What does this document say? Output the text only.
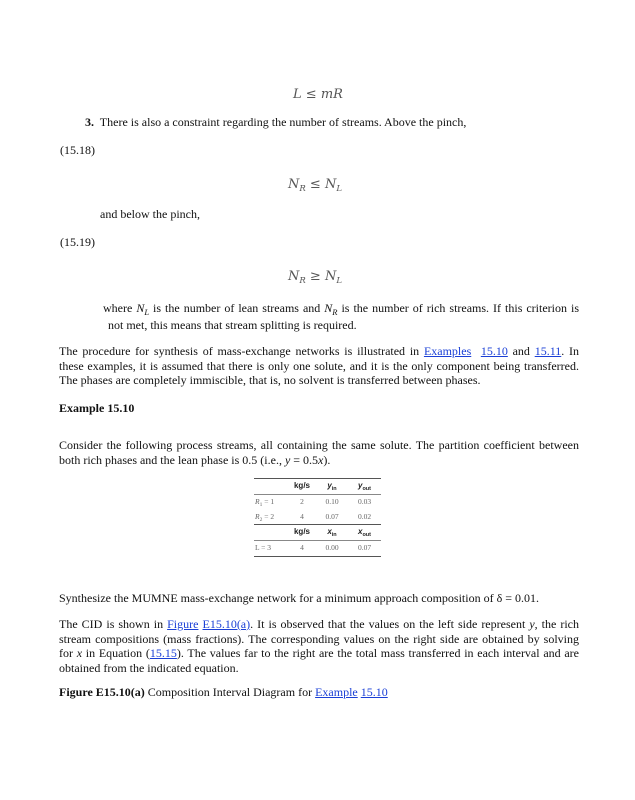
L ≤ mR
3. There is also a constraint regarding the number of streams. Above the pinch,
(15.18)
$N_R \le N_L$
and below the pinch,
(15.19)
$N_R \ge N_L$
where $N_L$ is the number of lean streams and $N_R$ is the number of rich streams. If this criterion is
not met, this means that stream splitting is required.
The procedure for synthesis of mass-exchange networks is illustrated in Examples 15.10 and 15.11. In these examples, it is assumed that there is only one solute, and it is the only component being transferred. The phases are completely immiscible, that is, no solvent is transferred between phases.
Example 15.10
Consider the following process streams, all containing the same solute. The partition coefficient between both rich phases and the lean phase is 0.5 (i.e., y = 0.5x).
	kg/s	$y_{in}$	$y_{out}$
$R_1 = 1$	2	0.10	0.03
$R_2 = 2$	4	0.07	0.02
	kg/s	$x_{in}$	$x_{out}$
L = 3	4	0.00	0.07
Synthesize the MUMNE mass-exchange network for a minimum approach composition of δ = 0.01.
The CID is shown in Figure E15.10(a). It is observed that the values on the left side represent y, the rich stream compositions (mass fractions). The corresponding values on the right side are obtained by solving for x in Equation (15.15). The values far to the right are the total mass transferred in each interval and are obtained from the indicated equation.
Figure E15.10(a) Composition Interval Diagram for Example 15.10
